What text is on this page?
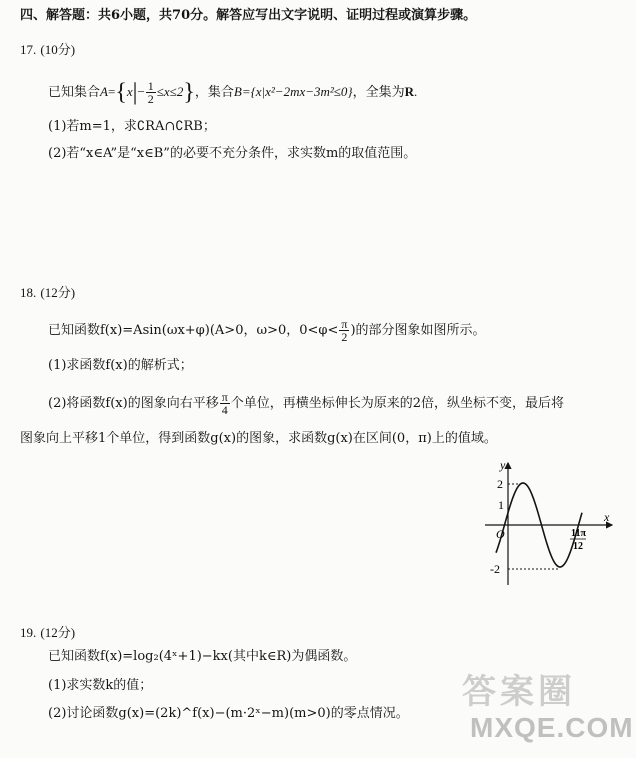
四、解答题：共6小题，共70分。解答应写出文字说明、证明过程或演算步骤。
17. (10分)
已知集合$A=\{x|- \frac{1}{2} \le x\le 2\}$，集合B={x|x²−2mx−3m²≤0}，全集为R.
(1)若m=1，求∁RA∩∁RB；
(2)若“x∈A”是“x∈B”的必要不充分条件，求实数m的取值范围。
18. (12分)
已知函数f(x)=Asin(ωx+φ)(A>0，ω>0，$0<\varphi< \frac{\pi}{2}$ )的部分图象如图所示。
(1)求函数f(x)的解析式；
(2)将函数f(x)的图象向右平移 $\frac{\pi}{4}$ 个单位，再横坐标伸长为原来的2倍，纵坐标不变，最后将
图象向上平移1个单位，得到函数g(x)的图象，求函数g(x)在区间(0，π)上的值域。
y
x
O
2
1
-2
11π
12
19. (12分)
已知函数f(x)=log₂(4ˣ+1)−kx(其中k∈R)为偶函数。
(1)求实数k的值；
(2)讨论函数g(x)=(2k)^f(x)−(m·2ˣ−m)(m>0)的零点情况。
答案圈
MXQE.COM
